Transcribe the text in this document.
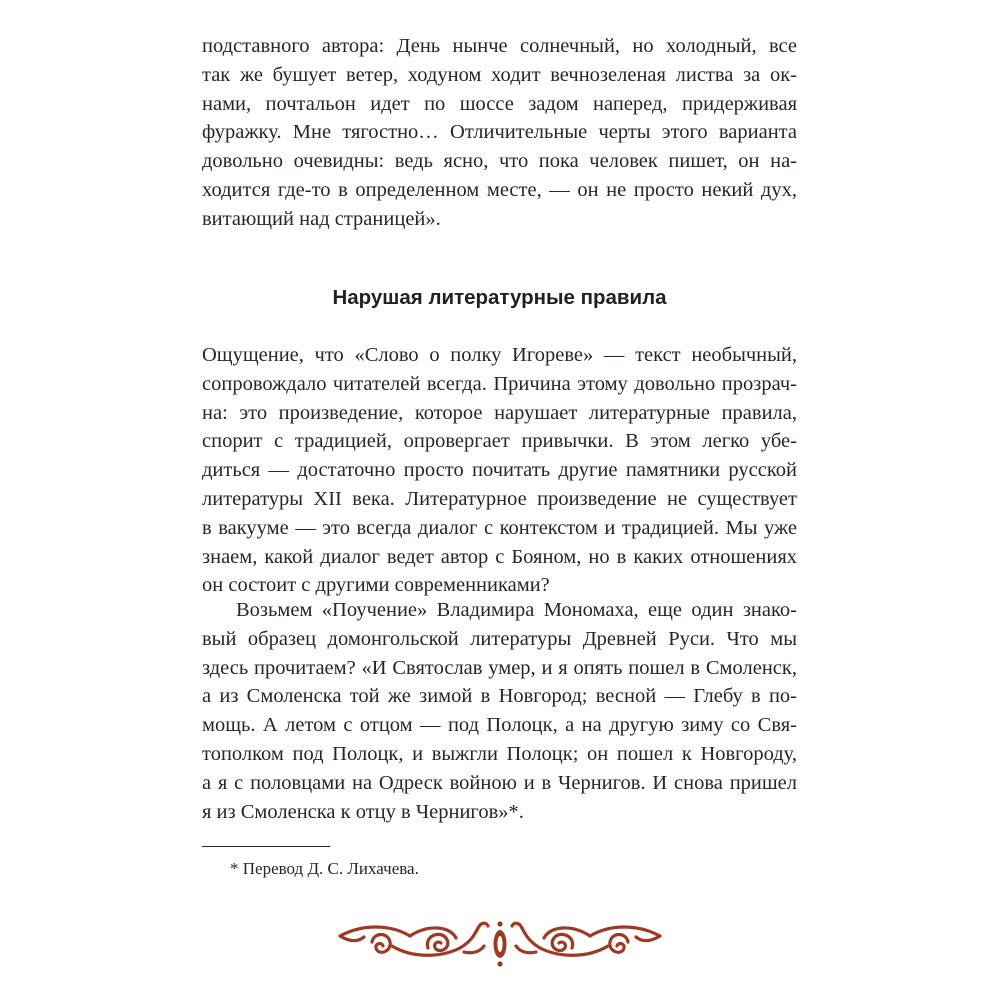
подставного автора: День нынче солнечный, но холодный, все
так же бушует ветер, ходуном ходит вечнозеленая листва за ок-
нами, почтальон идет по шоссе задом наперед, придерживая
фуражку. Мне тягостно… Отличительные черты этого варианта
довольно очевидны: ведь ясно, что пока человек пишет, он на-
ходится где-то в определенном месте, — он не просто некий дух,
витающий над страницей».
Нарушая литературные правила
Ощущение, что «Слово о полку Игореве» — текст необычный,
сопровождало читателей всегда. Причина этому довольно прозрач-
на: это произведение, которое нарушает литературные правила,
спорит с традицией, опровергает привычки. В этом легко убе-
диться — достаточно просто почитать другие памятники русской
литературы XII века. Литературное произведение не существует
в вакууме — это всегда диалог с контекстом и традицией. Мы уже
знаем, какой диалог ведет автор с Бояном, но в каких отношениях
он состоит с другими современниками?
Возьмем «Поучение» Владимира Мономаха, еще один знако-
вый образец домонгольской литературы Древней Руси. Что мы
здесь прочитаем? «И Святослав умер, и я опять пошел в Смоленск,
а из Смоленска той же зимой в Новгород; весной — Глебу в по-
мощь. А летом с отцом — под Полоцк, а на другую зиму со Свя-
тополком под Полоцк, и выжгли Полоцк; он пошел к Новгороду,
а я с половцами на Одреск войною и в Чернигов. И снова пришел
я из Смоленска к отцу в Чернигов»*.
* Перевод Д. С. Лихачева.
